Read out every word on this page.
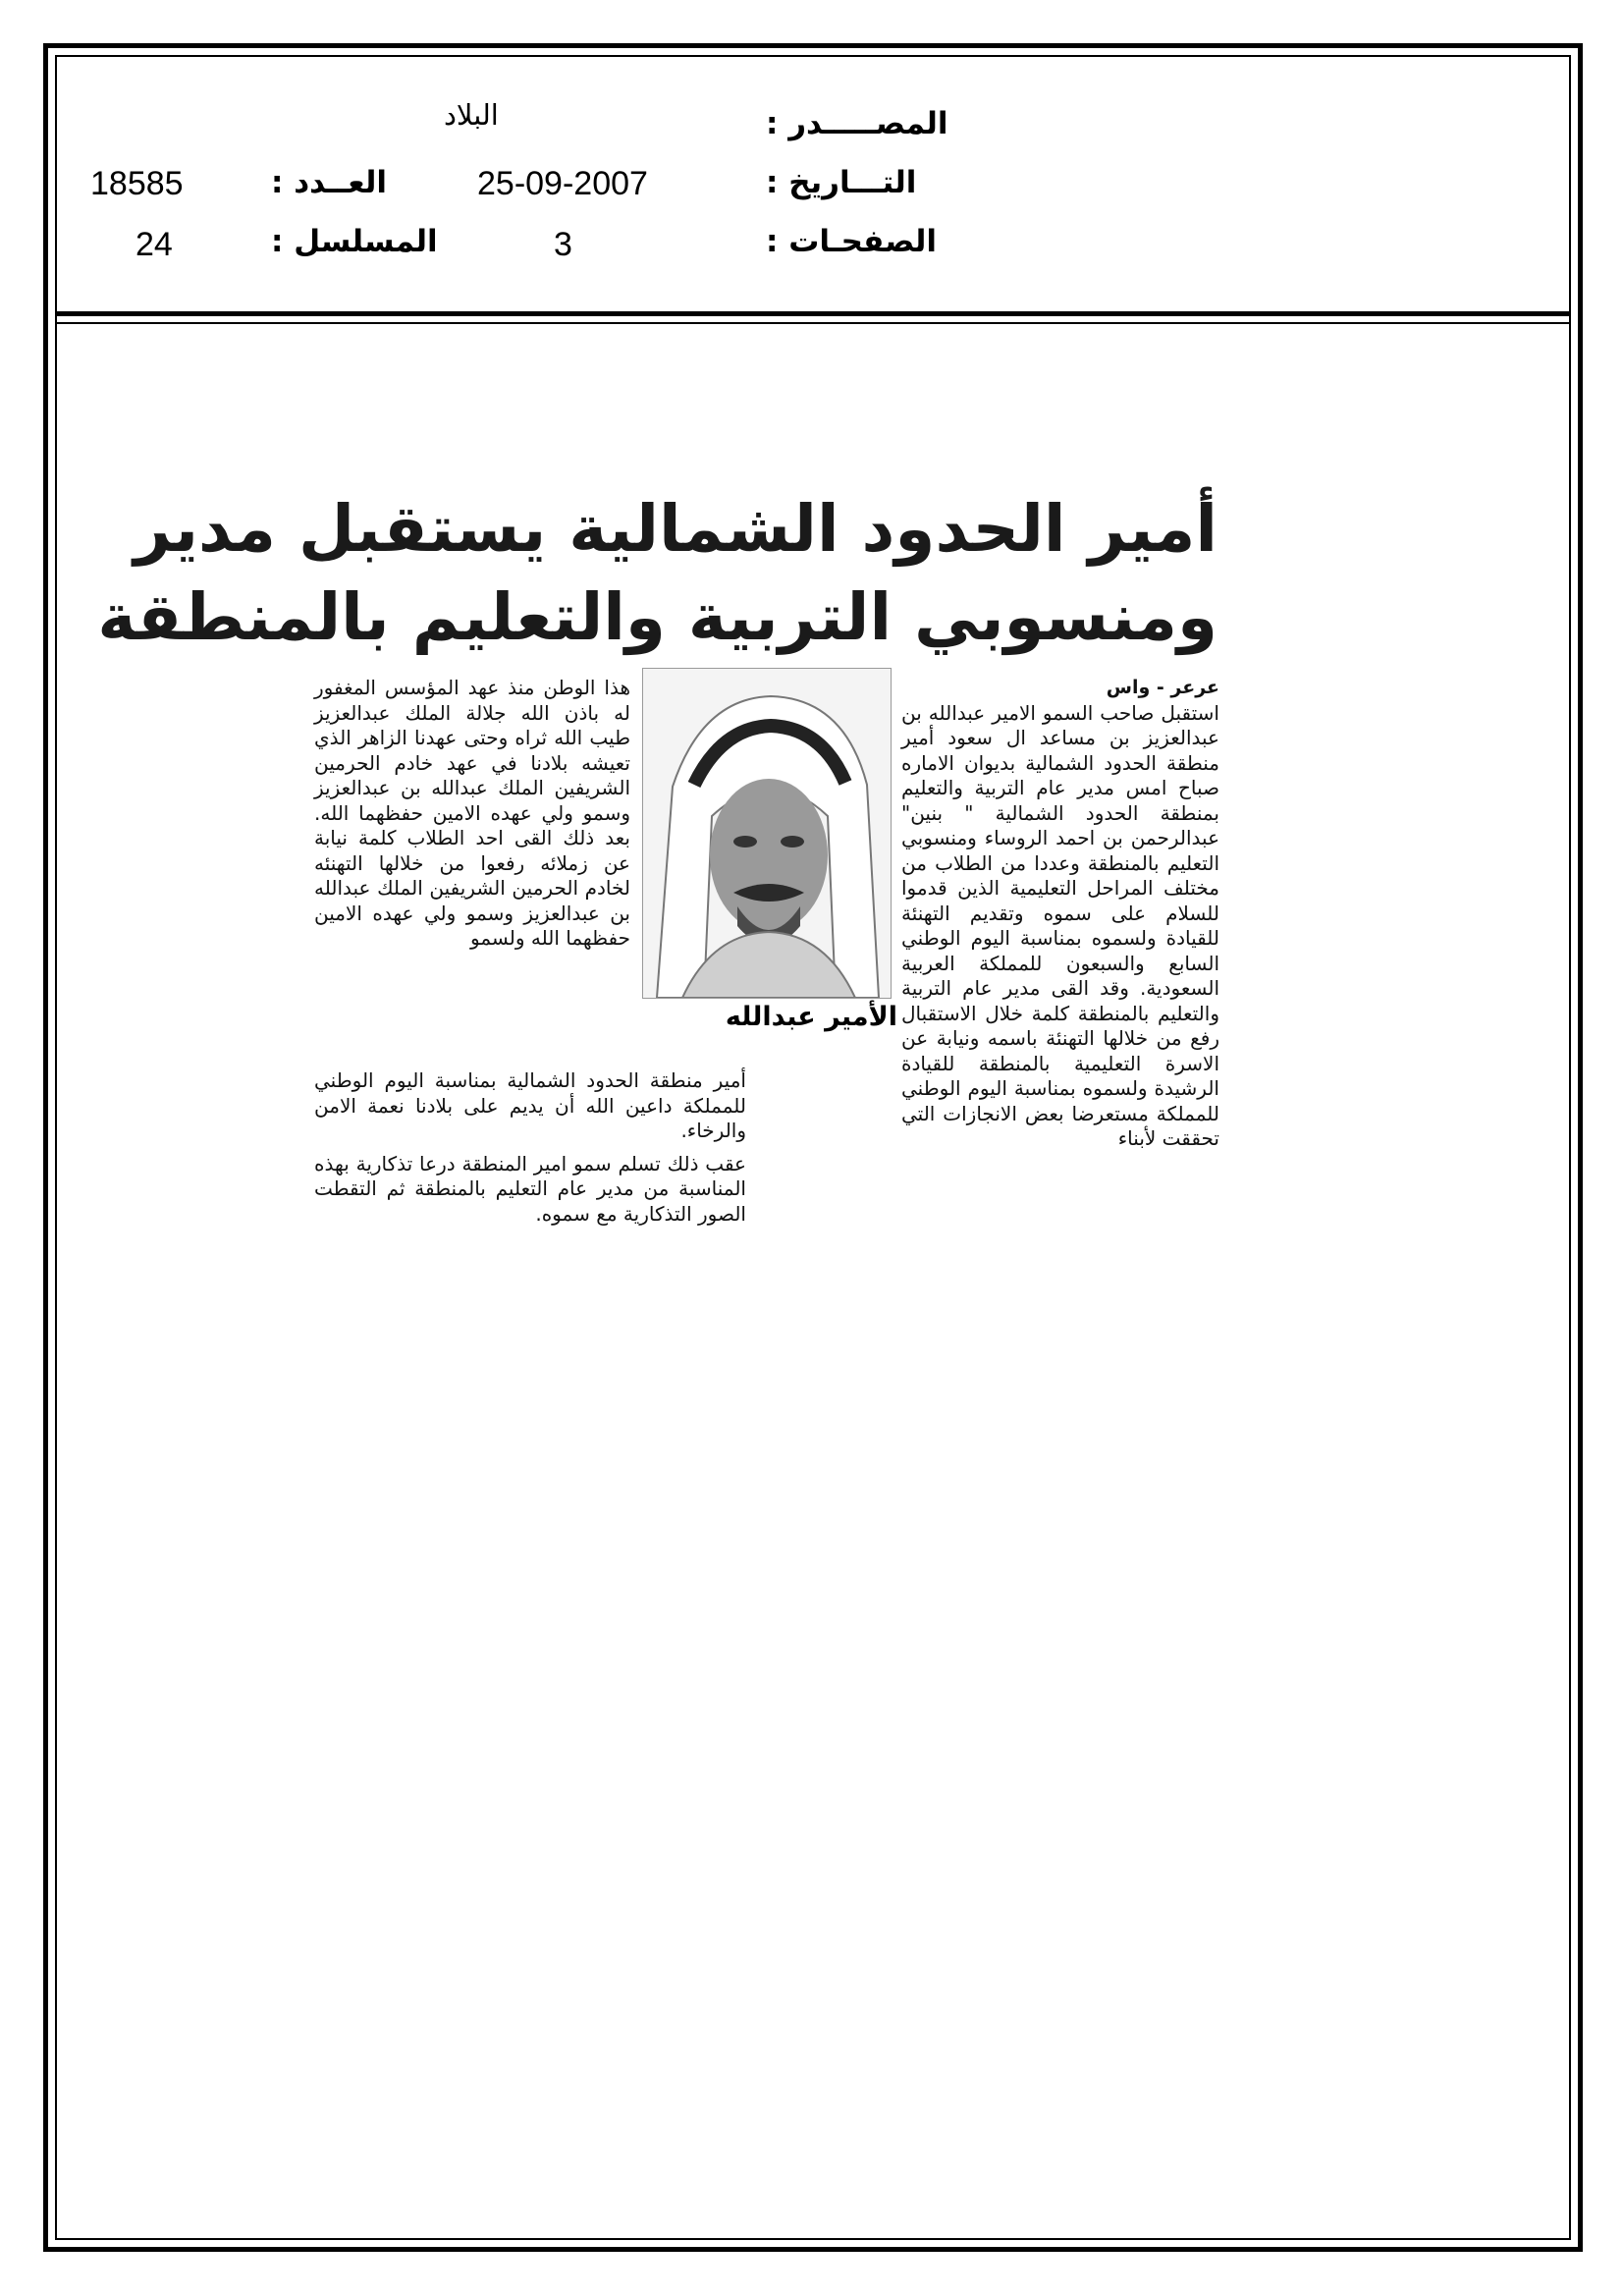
المصـــــدر :
البلاد
التـــاريخ :
25-09-2007
الصفحـات :
3
العــدد :
18585
المسلسل :
24
أمير الحدود الشمالية يستقبل مدير
ومنسوبي التربية والتعليم بالمنطقة

عرعر - واس

استقبل صاحب السمو الامير عبدالله بن عبدالعزيز بن مساعد ال سعود أمير منطقة الحدود الشمالية بديوان الاماره صباح امس مدير عام التربية والتعليم بمنطقة الحدود الشمالية " بنين" عبدالرحمن بن احمد الروساء ومنسوبي التعليم بالمنطقة وعددا من الطلاب من مختلف المراحل التعليمية الذين قدموا للسلام على سموه وتقديم التهنئة للقيادة ولسموه بمناسبة اليوم الوطني السابع والسبعون للمملكة العربية السعودية. وقد القى مدير عام التربية والتعليم بالمنطقة كلمة خلال الاستقبال رفع من خلالها التهنئة باسمه ونيابة عن الاسرة التعليمية بالمنطقة للقيادة الرشيدة ولسموه بمناسبة اليوم الوطني للمملكة مستعرضا بعض الانجازات التي تحققت لأبناء

الأمير عبدالله

هذا الوطن منذ عهد المؤسس المغفور له باذن الله جلالة الملك عبدالعزيز طيب الله ثراه وحتى عهدنا الزاهر الذي تعيشه بلادنا في عهد خادم الحرمين الشريفين الملك عبدالله بن عبدالعزيز وسمو ولي عهده الامين حفظهما الله. بعد ذلك القى احد الطلاب كلمة نيابة عن زملائه رفعوا من خلالها التهنئه لخادم الحرمين الشريفين الملك عبدالله بن عبدالعزيز وسمو ولي عهده الامين حفظهما الله ولسمو

أمير منطقة الحدود الشمالية بمناسبة اليوم الوطني للمملكة داعين الله أن يديم على بلادنا نعمة الامن والرخاء.

عقب ذلك تسلم سمو امير المنطقة درعا تذكارية بهذه المناسبة من مدير عام التعليم بالمنطقة ثم التقطت الصور التذكارية مع سموه.
